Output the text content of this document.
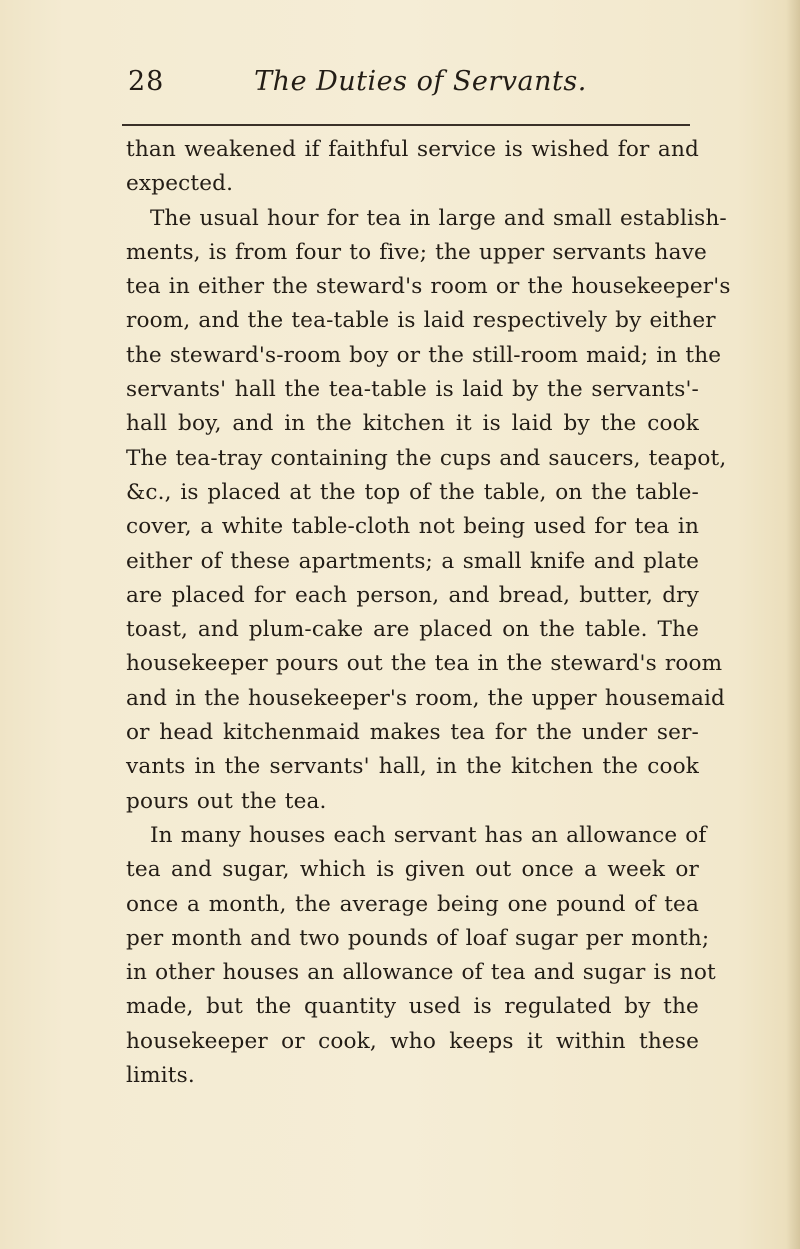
28	The Duties of Servants.
than weakened if faithful service is wished for and
expected.
The usual hour for tea in large and small establish-
ments, is from four to five; the upper servants have
tea in either the steward's room or the housekeeper's
room, and the tea-table is laid respectively by either
the steward's-room boy or the still-room maid; in the
servants' hall the tea-table is laid by the servants'-
hall boy, and in the kitchen it is laid by the cook
The tea-tray containing the cups and saucers, teapot,
&c., is placed at the top of the table, on the table-
cover, a white table-cloth not being used for tea in
either of these apartments; a small knife and plate
are placed for each person, and bread, butter, dry
toast, and plum-cake are placed on the table. The
housekeeper pours out the tea in the steward's room
and in the housekeeper's room, the upper housemaid
or head kitchenmaid makes tea for the under ser-
vants in the servants' hall, in the kitchen the cook
pours out the tea.
In many houses each servant has an allowance of
tea and sugar, which is given out once a week or
once a month, the average being one pound of tea
per month and two pounds of loaf sugar per month;
in other houses an allowance of tea and sugar is not
made, but the quantity used is regulated by the
housekeeper or cook, who keeps it within these
limits.
